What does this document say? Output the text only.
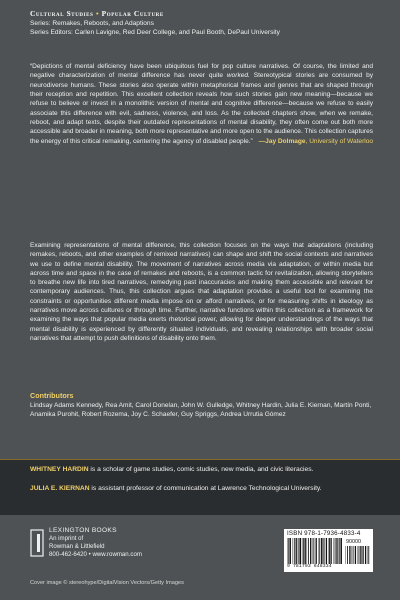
Cultural Studies • Popular Culture
Series: Remakes, Reboots, and Adaptions
Series Editors: Carlen Lavigne, Red Deer College, and Paul Booth, DePaul University
“Depictions of mental deficiency have been ubiquitous fuel for pop culture narratives. Of course, the limited and negative characterization of mental difference has never quite worked. Stereotypical stories are consumed by neurodiverse humans. These stories also operate within metaphorical frames and genres that are shaped through their reception and repetition. This excellent collection reveals how such stories gain new meaning—because we refuse to believe or invest in a monolithic version of mental and cognitive difference—because we refuse to easily associate this difference with evil, sadness, violence, and loss. As the collected chapters show, when we remake, reboot, and adapt texts, despite their outdated representations of mental disability, they often come out both more accessible and broader in meaning, both more representative and more open to the audience. This collection captures the energy of this critical remaking, centering the agency of disabled people.” —Jay Dolmage, University of Waterloo
Examining representations of mental difference, this collection focuses on the ways that adaptations (including remakes, reboots, and other examples of remixed narratives) can shape and shift the social contexts and narratives we use to define mental disability. The movement of narratives across media via adaptation, or within media but across time and space in the case of remakes and reboots, is a common tactic for revitalization, allowing storytellers to breathe new life into tired narratives, remedying past inaccuracies and making them accessible and relevant for contemporary audiences. Thus, this collection argues that adaptation provides a useful tool for examining the constraints or opportunities different media impose on or afford narratives, or for measuring shifts in ideology as narratives move across cultures or through time. Further, narrative functions within this collection as a framework for examining the ways that popular media exerts rhetorical power, allowing for deeper understandings of the ways that mental disability is experienced by differently situated individuals, and revealing relationships with broader social narratives that attempt to push definitions of disability onto them.
Contributors
Lindsay Adams Kennedy, Rea Amit, Carol Donelan, John W. Gulledge, Whitney Hardin, Julia E. Kiernan, Martín Ponti, Anamika Purohit, Robert Rozema, Joy C. Schaefer, Guy Spriggs, Andrea Urrutia Gómez
WHITNEY HARDIN is a scholar of game studies, comic studies, new media, and civic literacies.
JULIA E. KIERNAN is assistant professor of communication at Lawrence Technological University.
LEXINGTON BOOKS
An imprint of
Rowman & Littlefield
800-462-6420 • www.rowman.com
ISBN 978-1-7936-4833-4
90000
9 781793 648334
Cover image © stereohype/DigitalVision Vectors/Getty Images
